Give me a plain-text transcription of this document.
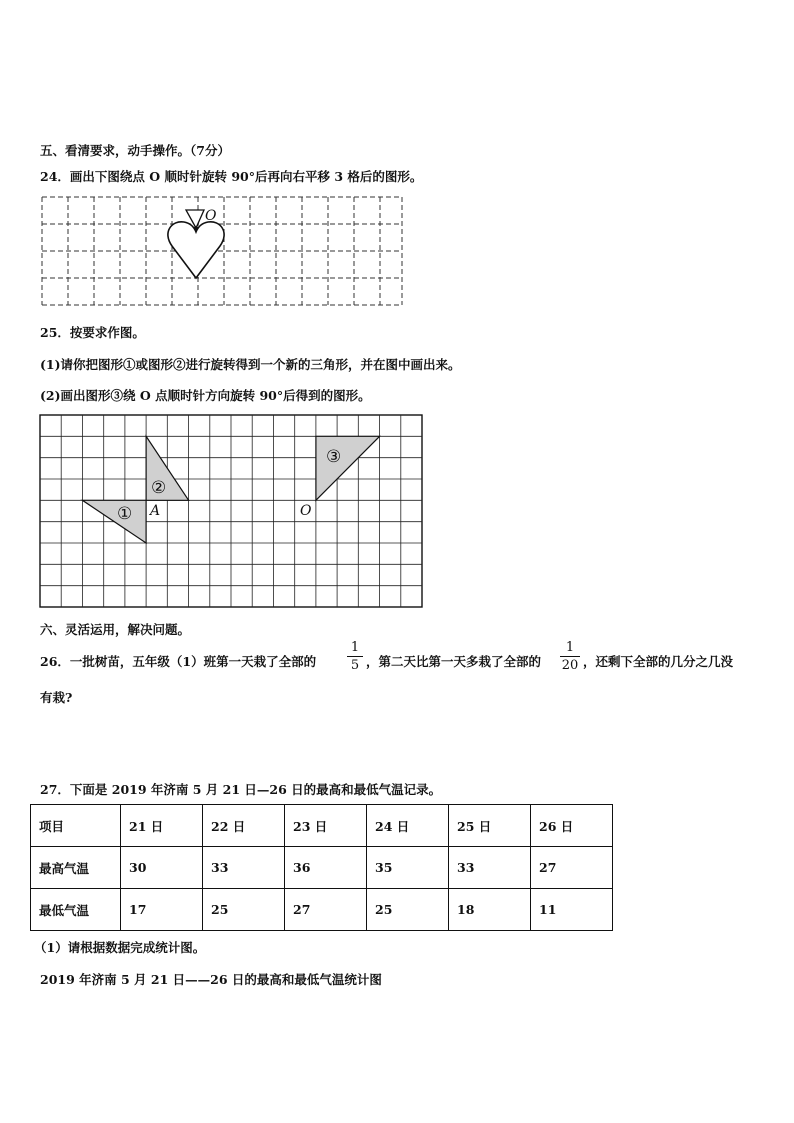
五、看清要求，动手操作。（7分）
24．画出下图绕点 O 顺时针旋转 90°后再向右平移 3 格后的图形。
O
25．按要求作图。
(1)请你把图形①或图形②进行旋转得到一个新的三角形，并在图中画出来。
(2)画出图形③绕 O 点顺时针方向旋转 90°后得到的图形。
①
②
③
A	O
六、灵活运用，解决问题。
26．一批树苗，五年级（1）班第一天栽了全部的
1
5 ，第二天比第一天多栽了全部的
1
20 ，还剩下全部的几分之几没
有栽?
27．下面是 2019 年济南 5 月 21 日—26 日的最高和最低气温记录。
项目	21 日	22 日	23 日	24 日	25 日	26 日
最高气温	30	33	36	35	33	27
最低气温	17	25	27	25	18	11
（1）请根据数据完成统计图。
2019 年济南 5 月 21 日——26 日的最高和最低气温统计图
